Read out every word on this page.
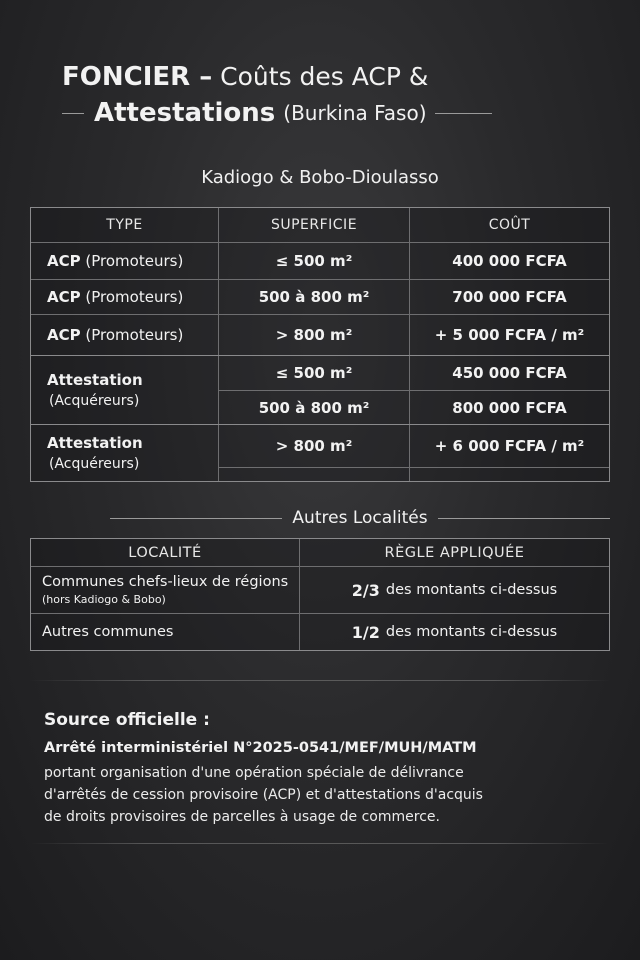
FONCIER – Coûts des ACP &
Attestations (Burkina Faso)
Kadiogo & Bobo-Dioulasso
TYPE	SUPERFICIE	COÛT
ACP
(Promoteurs)	≤ 500 m²	400 000 FCFA
ACP
(Promoteurs)	500 à 800 m²	700 000 FCFA
ACP
(Promoteurs)	> 800 m²	+ 5 000 FCFA / m²
Attestation
(Acquéreurs)
≤ 500 m²	450 000 FCFA
500 à 800 m²	800 000 FCFA
Attestation
(Acquéreurs)
> 800 m²	+ 6 000 FCFA / m²
Autres Localités
LOCALITÉ	RÈGLE APPLIQUÉE
Communes chefs-lieux de régions
(hors Kadiogo & Bobo)	2/3 des montants ci-dessus
Autres communes	1/2 des montants ci-dessus
Source officielle :
Arrêté interministériel N°2025-0541/MEF/MUH/MATM
portant organisation d'une opération spéciale de délivrance
d'arrêtés de cession provisoire (ACP) et d'attestations d'acquis
de droits provisoires de parcelles à usage de commerce.
